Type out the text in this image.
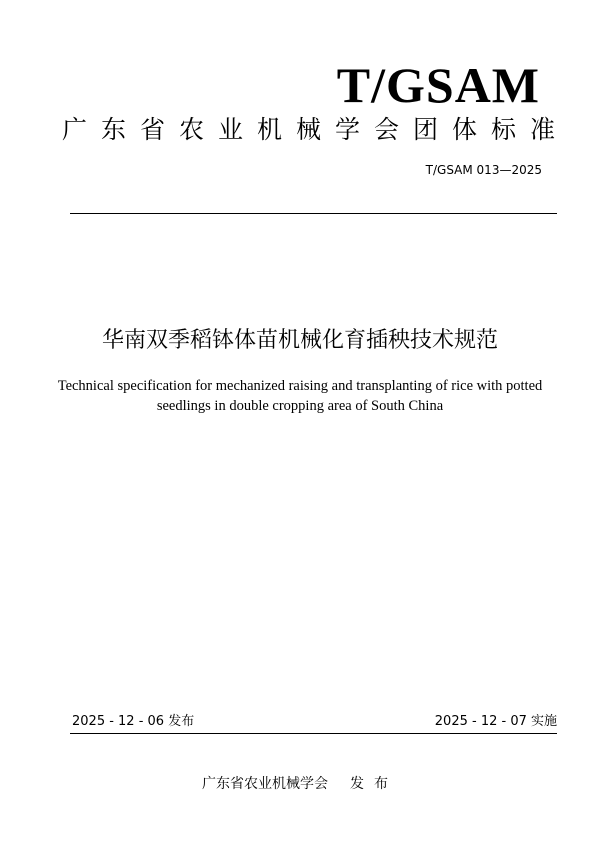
T/GSAM
广东省农业机械学会团体标准
T/GSAM 013—2025
华南双季稻钵体苗机械化育插秧技术规范
Technical specification for mechanized raising and transplanting of rice with potted
seedlings in double cropping area of South China
2025 - 12 - 06 发布	2025 - 12 - 07 实施
广东省农业机械学会 发布
